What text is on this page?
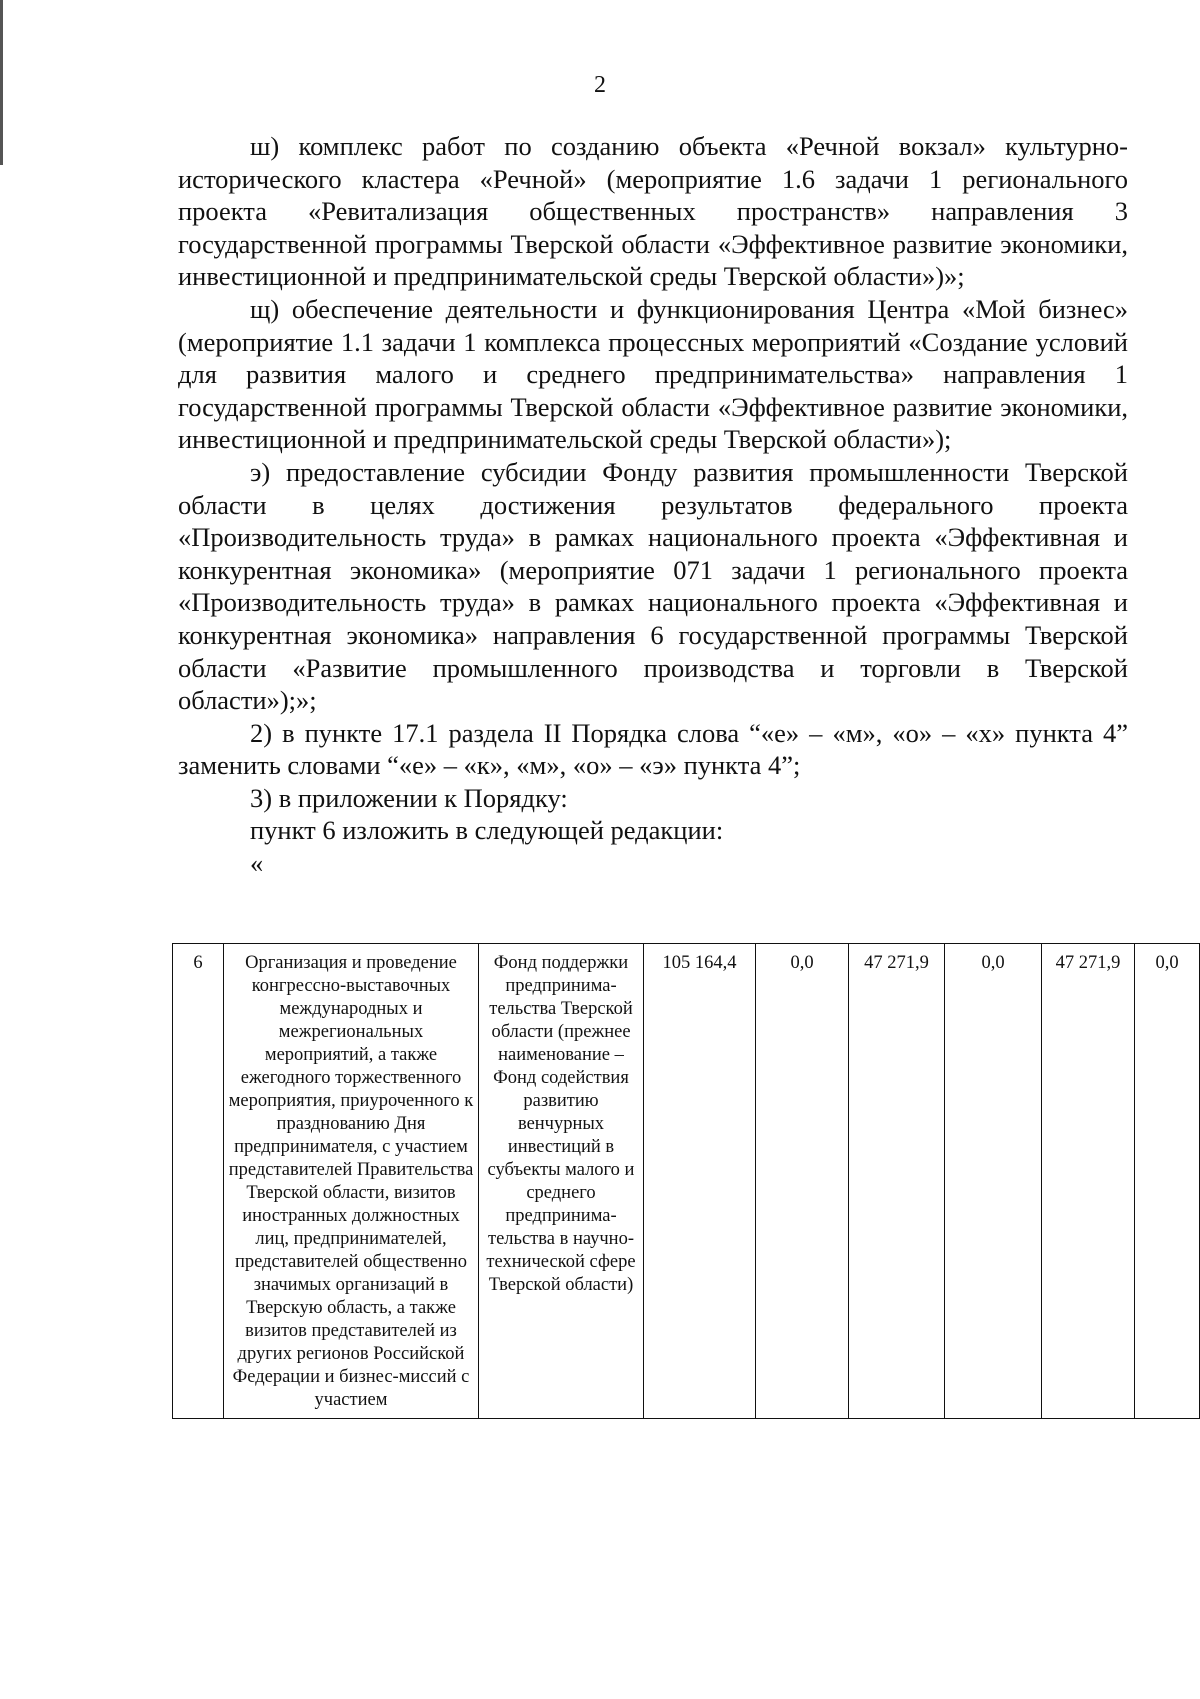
2

ш) комплекс работ по созданию объекта «Речной вокзал» культурно-исторического кластера «Речной» (мероприятие 1.6 задачи 1 регионального проекта «Ревитализация общественных пространств» направления 3 государственной программы Тверской области «Эффективное развитие экономики, инвестиционной и предпринимательской среды Тверской области»)»;

щ) обеспечение деятельности и функционирования Центра «Мой бизнес» (мероприятие 1.1 задачи 1 комплекса процессных мероприятий «Создание условий для развития малого и среднего предпринимательства» направления 1 государственной программы Тверской области «Эффективное развитие экономики, инвестиционной и предпринимательской среды Тверской области»);

э) предоставление субсидии Фонду развития промышленности Тверской области в целях достижения результатов федерального проекта «Производительность труда» в рамках национального проекта «Эффективная и конкурентная экономика» (мероприятие 071 задачи 1 регионального проекта «Производительность труда» в рамках национального проекта «Эффективная и конкурентная экономика» направления 6 государственной программы Тверской области «Развитие промышленного производства и торговли в Тверской области»);»;

2) в пункте 17.1 раздела II Порядка слова “«е» – «м», «о» – «х» пункта 4” заменить словами “«е» – «к», «м», «о» – «э» пункта 4”;

3) в приложении к Порядку:

пункт 6 изложить в следующей редакции:

«

6	Организация и проведение конгрессно-выставочных международных и межрегиональных мероприятий, а также ежегодного торжественного мероприятия, приуроченного к празднованию Дня предпринимателя, с участием представителей Правительства Тверской области, визитов иностранных должностных лиц, предпринимателей, представителей общественно значимых организаций в Тверскую область, а также визитов представителей из других регионов Российской Федерации и бизнес-миссий с участием	Фонд поддержки предпринима-тельства Тверской области (прежнее наименование – Фонд содействия развитию венчурных инвестиций в субъекты малого и среднего предпринима-тельства в научно-технической сфере Тверской области)	105 164,4	0,0	47 271,9	0,0	47 271,9	0,0
